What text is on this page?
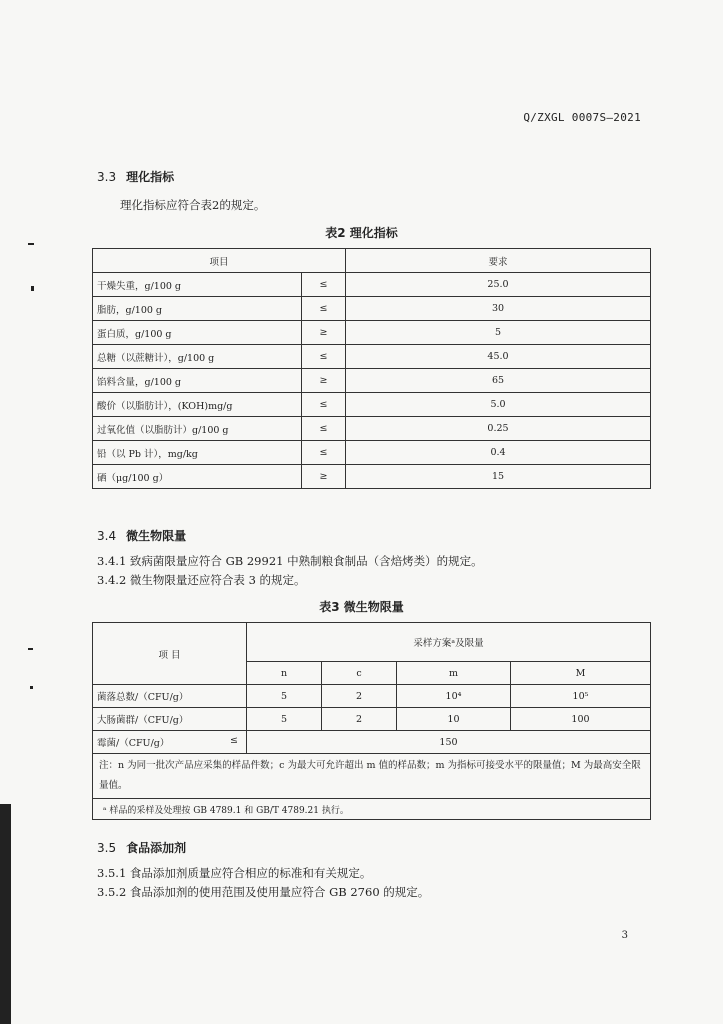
Q/ZXGL 0007S—2021
3.3 理化指标
理化指标应符合表2的规定。
表2 理化指标
项目		要求
干燥失重，g/100 g	≤	25.0
脂肪，g/100 g	≤	30
蛋白质，g/100 g	≥	5
总糖（以蔗糖计），g/100 g	≤	45.0
馅料含量，g/100 g	≥	65
酸价（以脂肪计），(KOH)mg/g	≤	5.0
过氧化值（以脂肪计）g/100 g	≤	0.25
铅（以 Pb 计），mg/kg	≤	0.4
硒（μg/100 g）	≥	15
3.4 微生物限量
3.4.1 致病菌限量应符合 GB 29921 中熟制粮食制品（含焙烤类）的规定。
3.4.2 微生物限量还应符合表 3 的规定。
表3 微生物限量
项 目	采样方案ᵃ及限量			
	n	c	m	M
菌落总数/（CFU/g）	5	2	10⁴	10⁵
大肠菌群/（CFU/g）	5	2	10	100
霉菌/（CFU/g） ≤	150			
注：n 为同一批次产品应采集的样品件数；c 为最大可允许超出 m 值的样品数；m 为指标可接受水平的限量值；M 为最高安全限量值。				
ᵃ 样品的采样及处理按 GB 4789.1 和 GB/T 4789.21 执行。				
3.5 食品添加剂
3.5.1 食品添加剂质量应符合相应的标准和有关规定。
3.5.2 食品添加剂的使用范围及使用量应符合 GB 2760 的规定。
3
